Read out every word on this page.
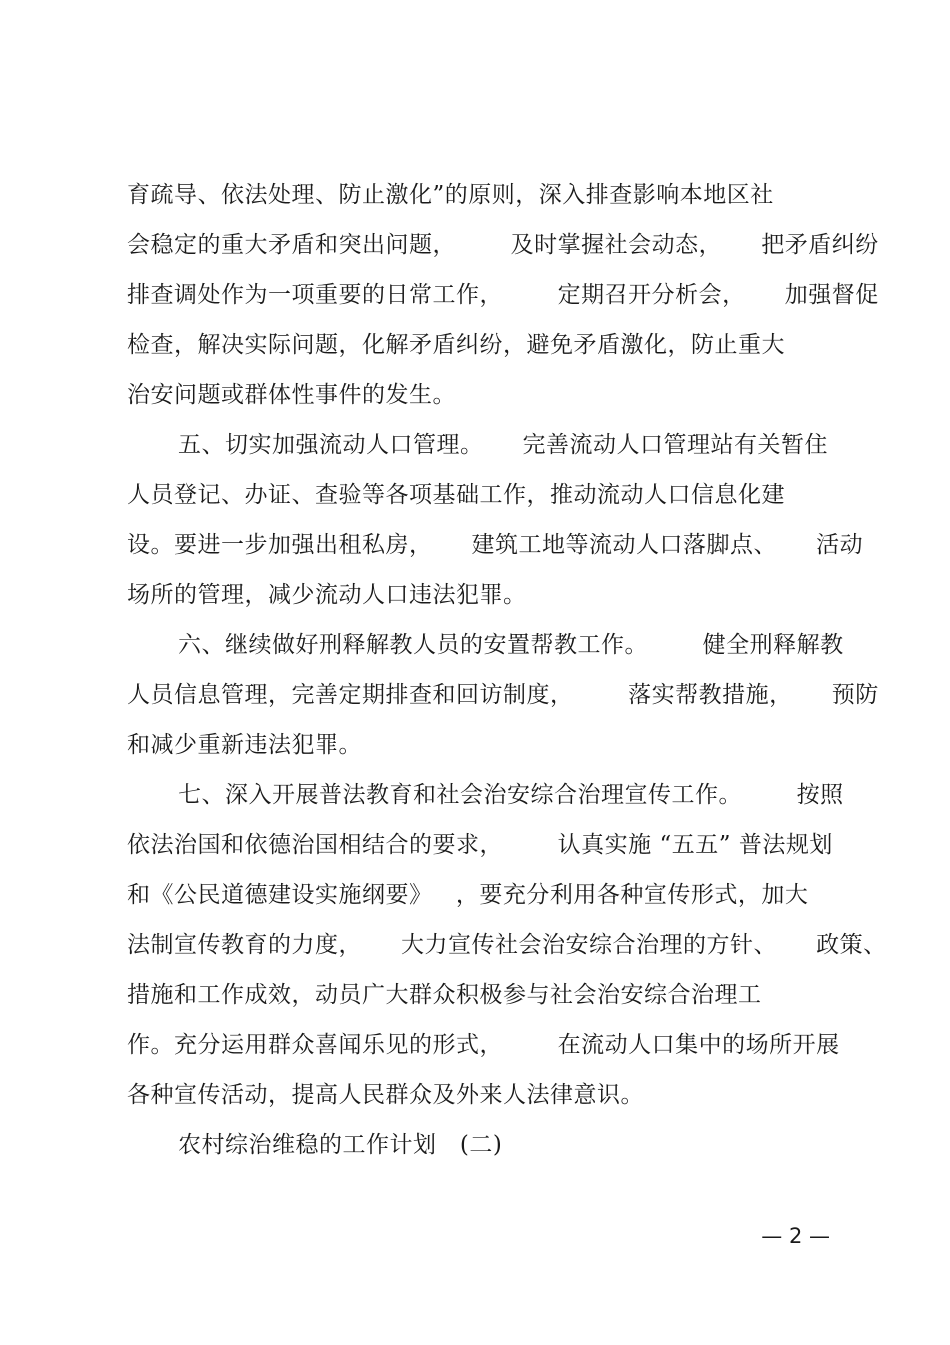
育疏导、依法处理、防止激化”的原则，深入排查影响本地区社
会稳定的重大矛盾和突出问题，       及时掌握社会动态，     把矛盾纠纷
排查调处作为一项重要的日常工作，       定期召开分析会，     加强督促
检查，解决实际问题，化解矛盾纠纷，避免矛盾激化，防止重大
治安问题或群体性事件的发生。
五、切实加强流动人口管理。     完善流动人口管理站有关暂住
人员登记、办证、查验等各项基础工作，推动流动人口信息化建
设。要进一步加强出租私房，     建筑工地等流动人口落脚点、     活动
场所的管理，减少流动人口违法犯罪。
六、继续做好刑释解教人员的安置帮教工作。       健全刑释解教
人员信息管理，完善定期排查和回访制度，       落实帮教措施，     预防
和减少重新违法犯罪。
七、深入开展普法教育和社会治安综合治理宣传工作。       按照
依法治国和依德治国相结合的要求，       认真实施 “五五” 普法规划
和《公民道德建设实施纲要》   ，要充分利用各种宣传形式，加大
法制宣传教育的力度，     大力宣传社会治安综合治理的方针、     政策、
措施和工作成效，动员广大群众积极参与社会治安综合治理工
作。充分运用群众喜闻乐见的形式，       在流动人口集中的场所开展
各种宣传活动，提高人民群众及外来人法律意识。
农村综治维稳的工作计划   (二)
— 2 —
